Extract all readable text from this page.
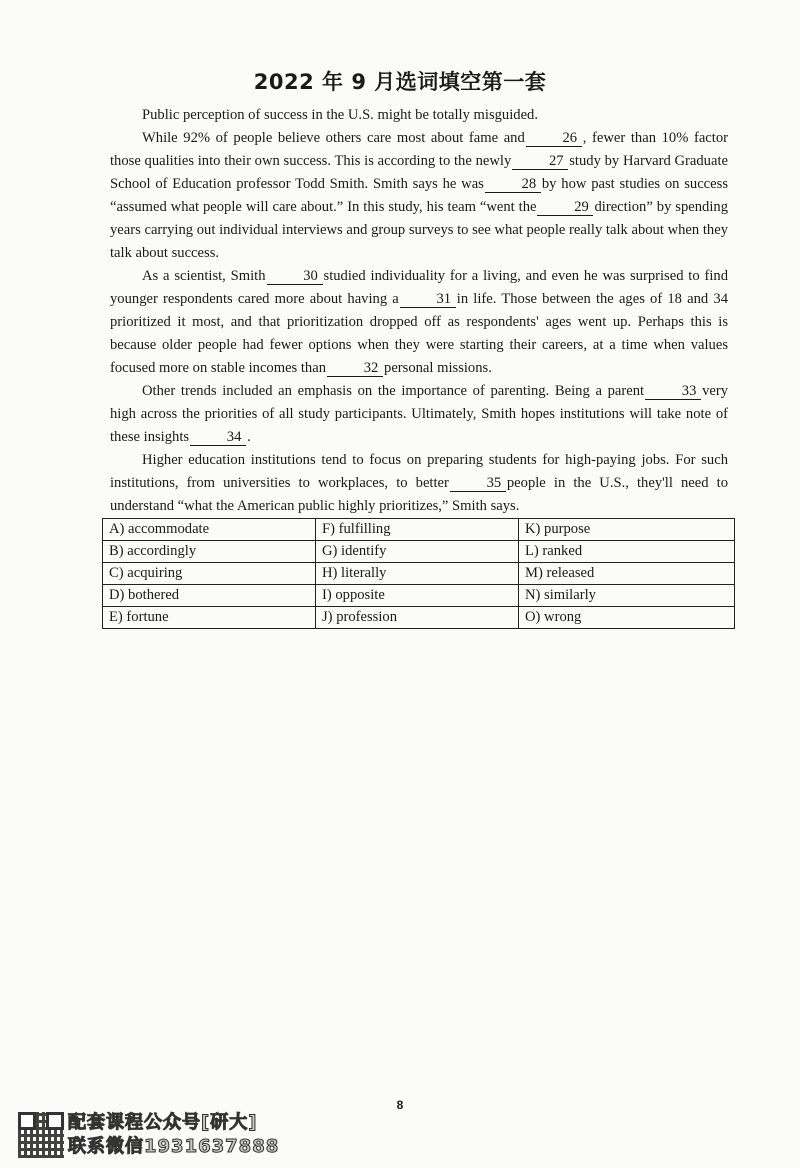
2022 年 9 月选词填空第一套

Public perception of success in the U.S. might be totally misguided.

While 92% of people believe others care most about fame and	26 , fewer than 10% factor those qualities into their own success. This is according to the newly	27 study by Harvard Graduate School of Education professor Todd Smith. Smith says he was	28 by how past studies on success “assumed what people will care about.” In this study, his team “went the	29 direction” by spending years carrying out individual interviews and group surveys to see what people really talk about when they talk about success.

As a scientist, Smith	30 studied individuality for a living, and even he was surprised to find younger respondents cared more about having a	31 in life. Those between the ages of 18 and 34 prioritized it most, and that prioritization dropped off as respondents' ages went up. Perhaps this is because older people had fewer options when they were starting their careers, at a time when values focused more on stable incomes than	32 personal missions.

Other trends included an emphasis on the importance of parenting. Being a parent	33 very high across the priorities of all study participants. Ultimately, Smith hopes institutions will take note of these insights	34 .

Higher education institutions tend to focus on preparing students for high-paying jobs. For such institutions, from universities to workplaces, to better	35 people in the U.S., they'll need to understand “what the American public highly prioritizes,” Smith says.

A) accommodate	F) fulfilling	K) purpose
B) accordingly	G) identify	L) ranked
C) acquiring	H) literally	M) released
D) bothered	I) opposite	N) similarly
E) fortune	J) profession	O) wrong
8
配套课程公众号[研大]
联系微信1931637888
